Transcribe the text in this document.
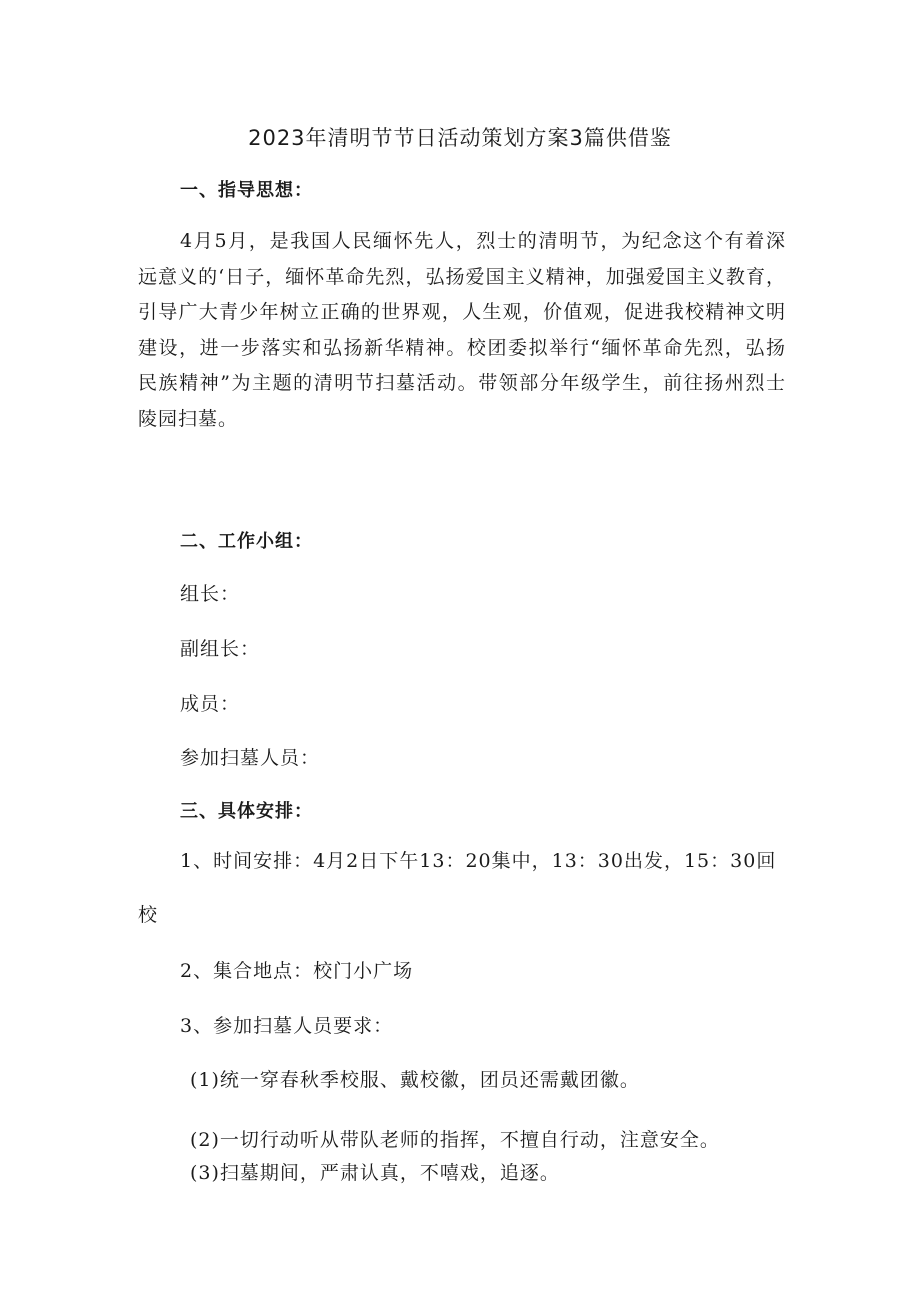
2023年清明节节日活动策划方案3篇供借鉴
一、指导思想：
4月5月，是我国人民缅怀先人，烈士的清明节，为纪念这个有着深远意义的‘日子，缅怀革命先烈，弘扬爱国主义精神，加强爱国主义教育，引导广大青少年树立正确的世界观，人生观，价值观，促进我校精神文明建设，进一步落实和弘扬新华精神。校团委拟举行“缅怀革命先烈，弘扬民族精神”为主题的清明节扫墓活动。带领部分年级学生，前往扬州烈士陵园扫墓。
二、工作小组：
组长：
副组长：
成员：
参加扫墓人员：
三、具体安排：
1、时间安排：4月2日下午13：20集中，13：30出发，15：30回校
2、集合地点：校门小广场
3、参加扫墓人员要求：
(1)统一穿春秋季校服、戴校徽，团员还需戴团徽。
(2)一切行动听从带队老师的指挥，不擅自行动，注意安全。
(3)扫墓期间，严肃认真，不嘻戏，追逐。
